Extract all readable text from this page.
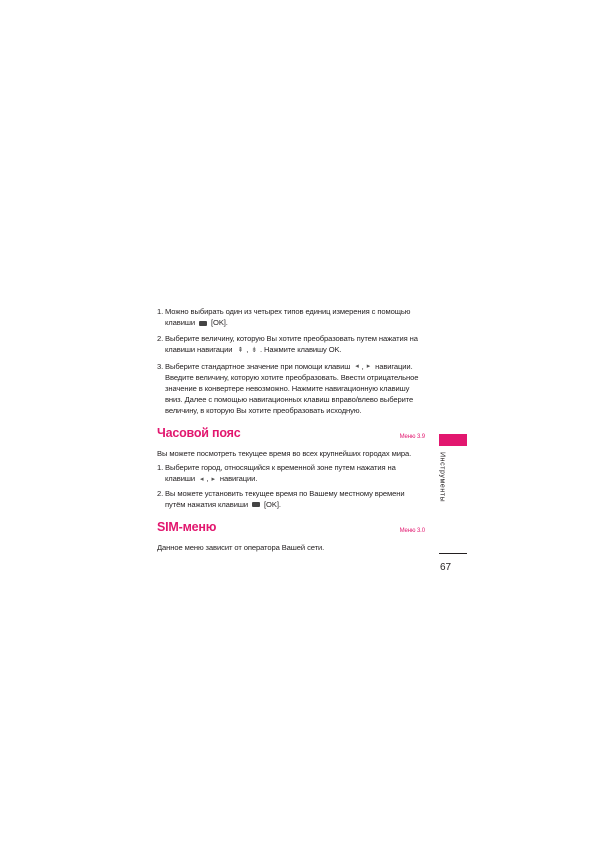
1. Можно выбирать один из четырех типов единиц измерения с помощью клавиши [OK].
2. Выберите величину, которую Вы хотите преобразовать путем нажатия на клавиши навигации ⇞ , ⇟ . Нажмите клавишу OK.
3. Выберите стандартное значение при помощи клавиш ◂ , ▸ навигации. Введите величину, которую хотите преобразовать. Ввести отрицательное значение в конвертере невозможно. Нажмите навигационную клавишу вниз. Далее с помощью навигационных клавиш вправо/влево выберите величину, в которую Вы хотите преобразовать исходную.
Часовой пояс	Меню 3.9

Вы можете посмотреть текущее время во всех крупнейших городах мира.

1. Выберите город, относящийся к временной зоне путем нажатия на клавиши ◂ , ▸ навигации.
2. Вы можете установить текущее время по Вашему местному времени путём нажатия клавиши [OK].
SIM-меню	Меню 3.0

Данное меню зависит от оператора Вашей сети.

Инструменты
67
